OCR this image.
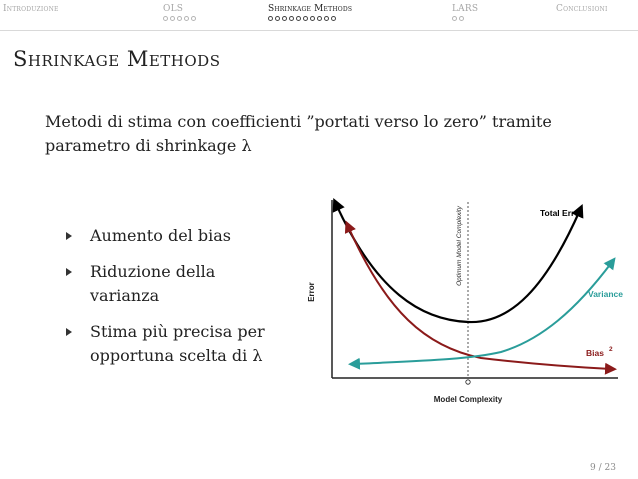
Introduzione	OLS	Shrinkage Methods	LARS	Conclusioni
Shrinkage Methods
Metodi di stima con coefficienti ”portati verso lo zero” tramite
parametro di shrinkage λ
Aumento del bias
Riduzione della varianza
Stima più precisa per opportuna scelta di λ
Error
Model Complexity
Optimum Model Complexity	Total Error
Variance
Bias 2
9 / 23
